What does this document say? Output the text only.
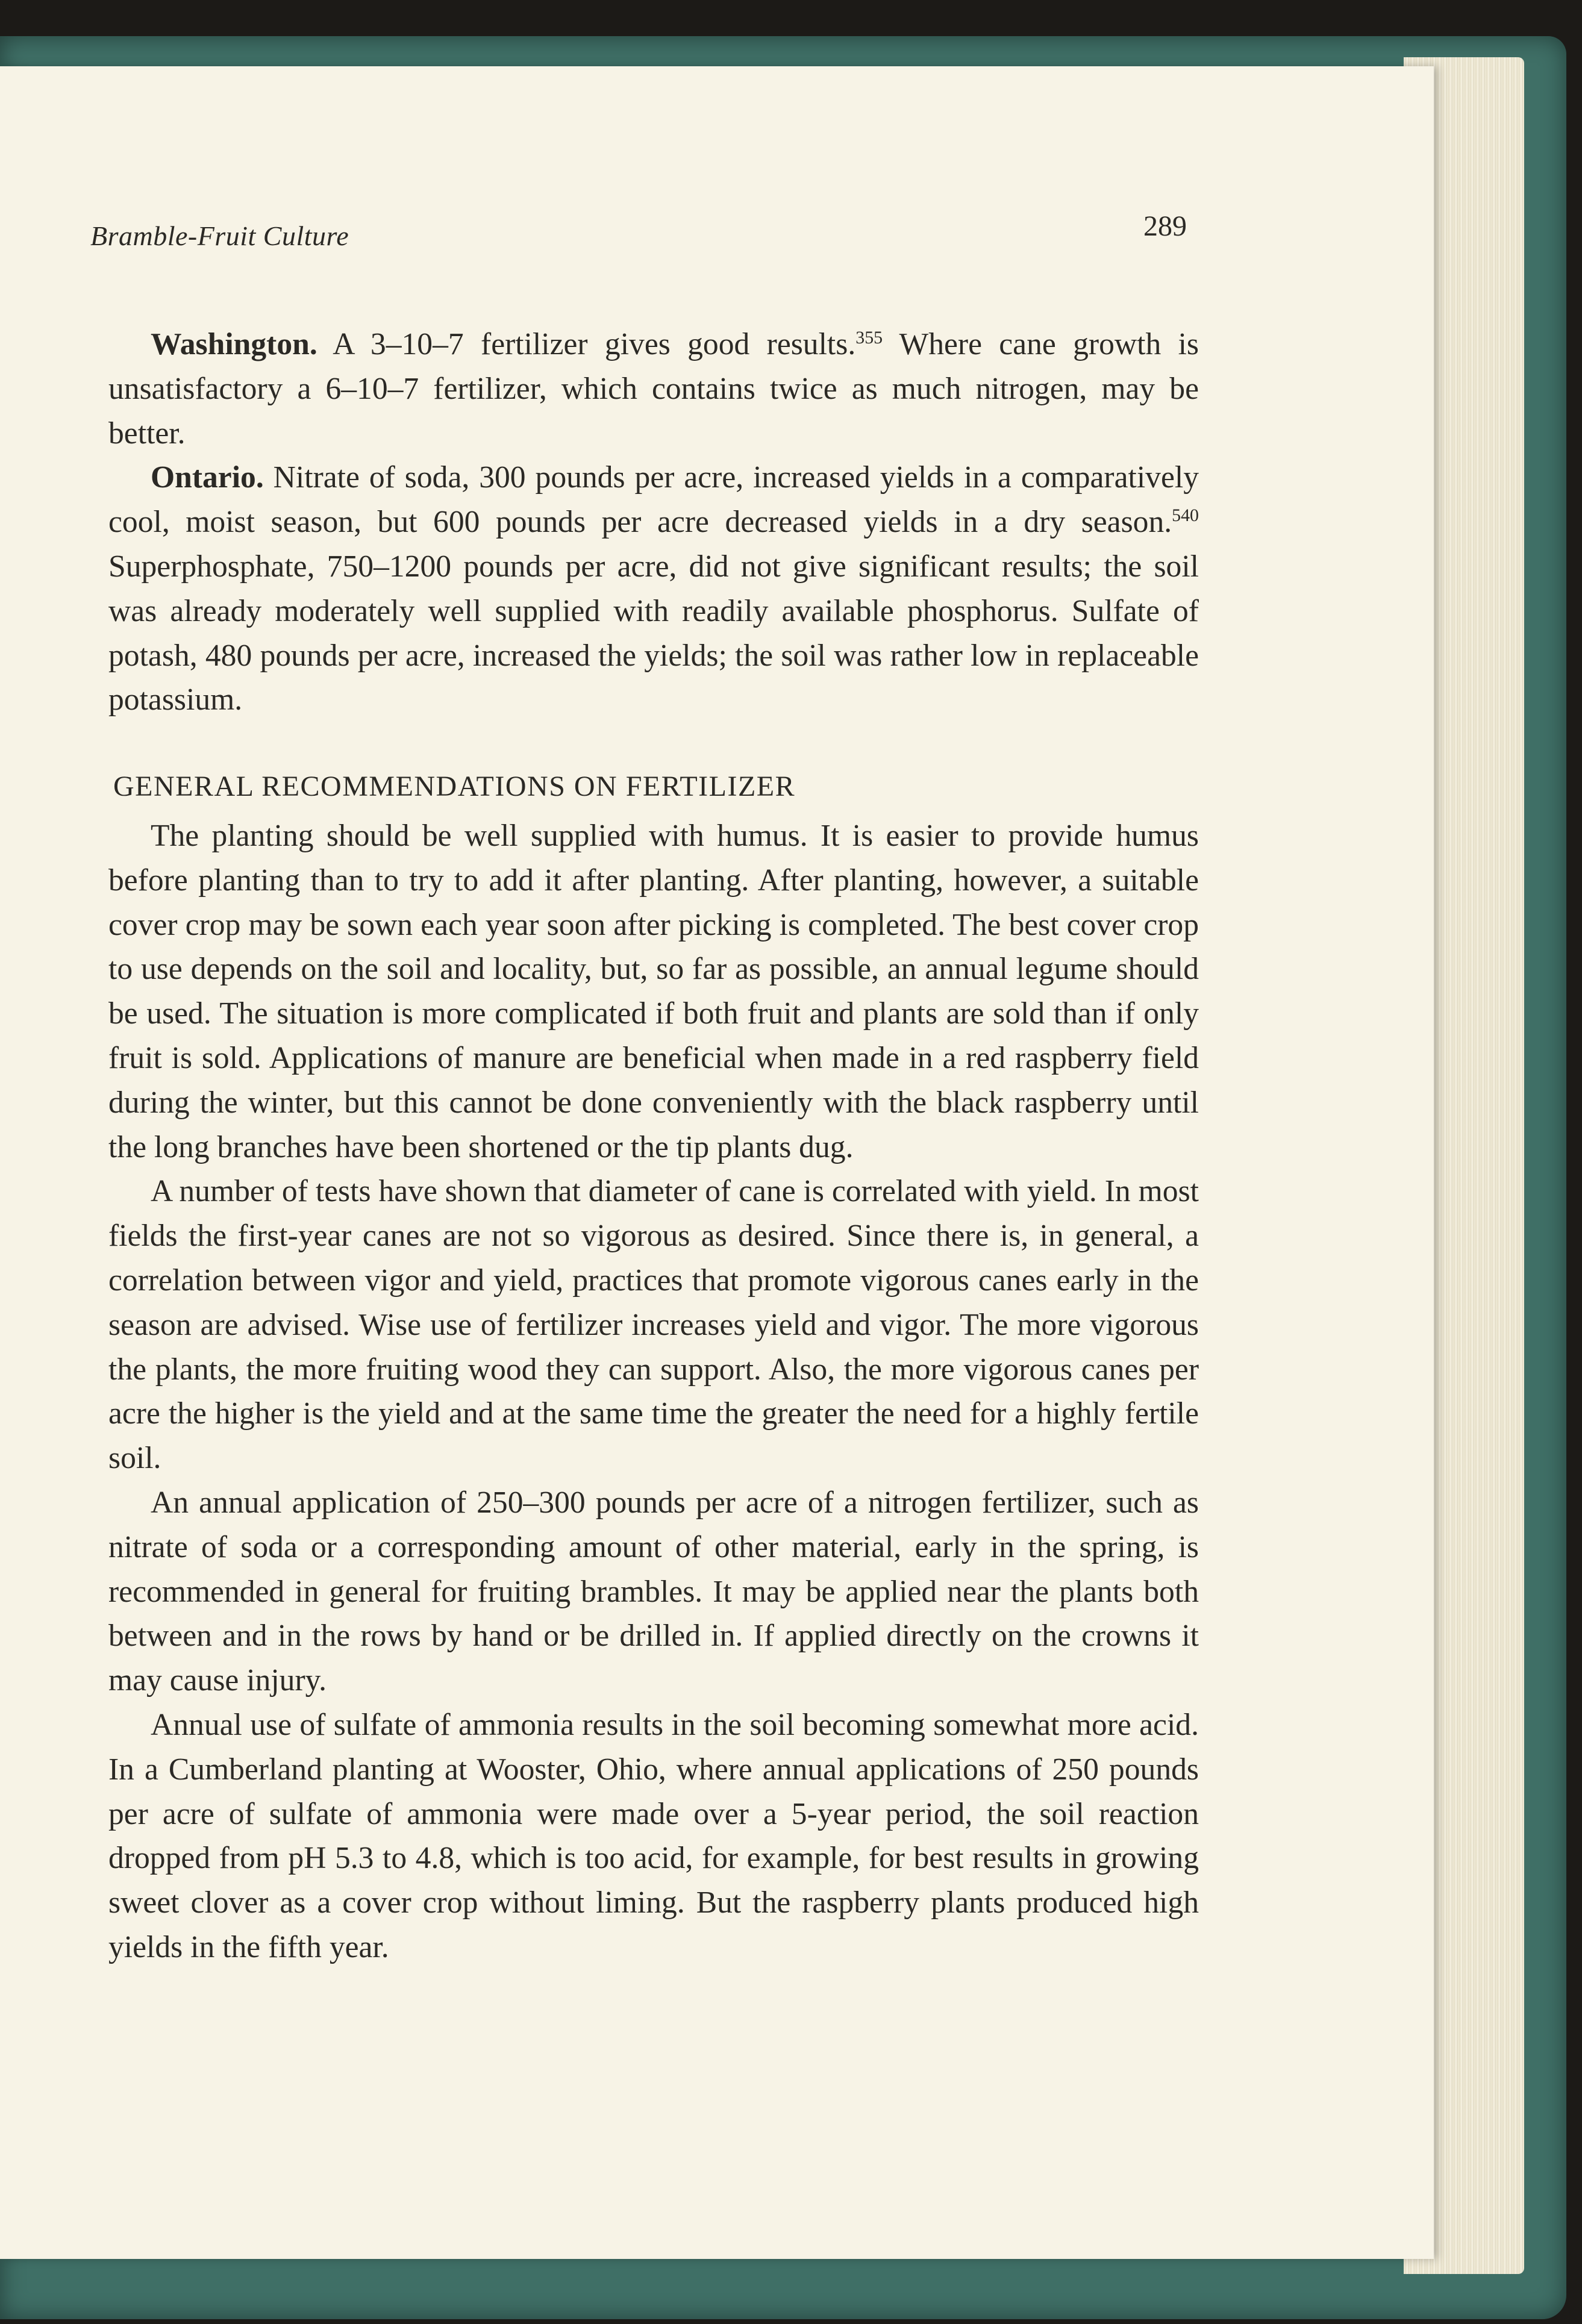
Bramble-Fruit Culture	289

Washington. A 3–10–7 fertilizer gives good results.$^{355}$ Where cane growth is unsatisfactory a 6–10–7 fertilizer, which contains twice as much nitrogen, may be better.

Ontario. Nitrate of soda, 300 pounds per acre, increased yields in a comparatively cool, moist season, but 600 pounds per acre decreased yields in a dry season.$^{540}$ Superphosphate, 750–1200 pounds per acre, did not give significant results; the soil was already moderately well supplied with readily available phosphorus. Sulfate of potash, 480 pounds per acre, increased the yields; the soil was rather low in replaceable potassium.

GENERAL RECOMMENDATIONS ON FERTILIZER

The planting should be well supplied with humus. It is easier to provide humus before planting than to try to add it after planting. After planting, however, a suitable cover crop may be sown each year soon after picking is completed. The best cover crop to use depends on the soil and locality, but, so far as possible, an annual legume should be used. The situation is more complicated if both fruit and plants are sold than if only fruit is sold. Applications of manure are beneficial when made in a red raspberry field during the winter, but this cannot be done conveniently with the black raspberry until the long branches have been shortened or the tip plants dug.

A number of tests have shown that diameter of cane is correlated with yield. In most fields the first-year canes are not so vigorous as desired. Since there is, in general, a correlation between vigor and yield, practices that promote vigorous canes early in the season are advised. Wise use of fertilizer increases yield and vigor. The more vigorous the plants, the more fruiting wood they can support. Also, the more vigorous canes per acre the higher is the yield and at the same time the greater the need for a highly fertile soil.

An annual application of 250–300 pounds per acre of a nitrogen fertilizer, such as nitrate of soda or a corresponding amount of other material, early in the spring, is recommended in general for fruiting brambles. It may be applied near the plants both between and in the rows by hand or be drilled in. If applied directly on the crowns it may cause injury.

Annual use of sulfate of ammonia results in the soil becoming somewhat more acid. In a Cumberland planting at Wooster, Ohio, where annual applications of 250 pounds per acre of sulfate of ammonia were made over a 5-year period, the soil reaction dropped from pH 5.3 to 4.8, which is too acid, for example, for best results in growing sweet clover as a cover crop without liming. But the raspberry plants produced high yields in the fifth year.
